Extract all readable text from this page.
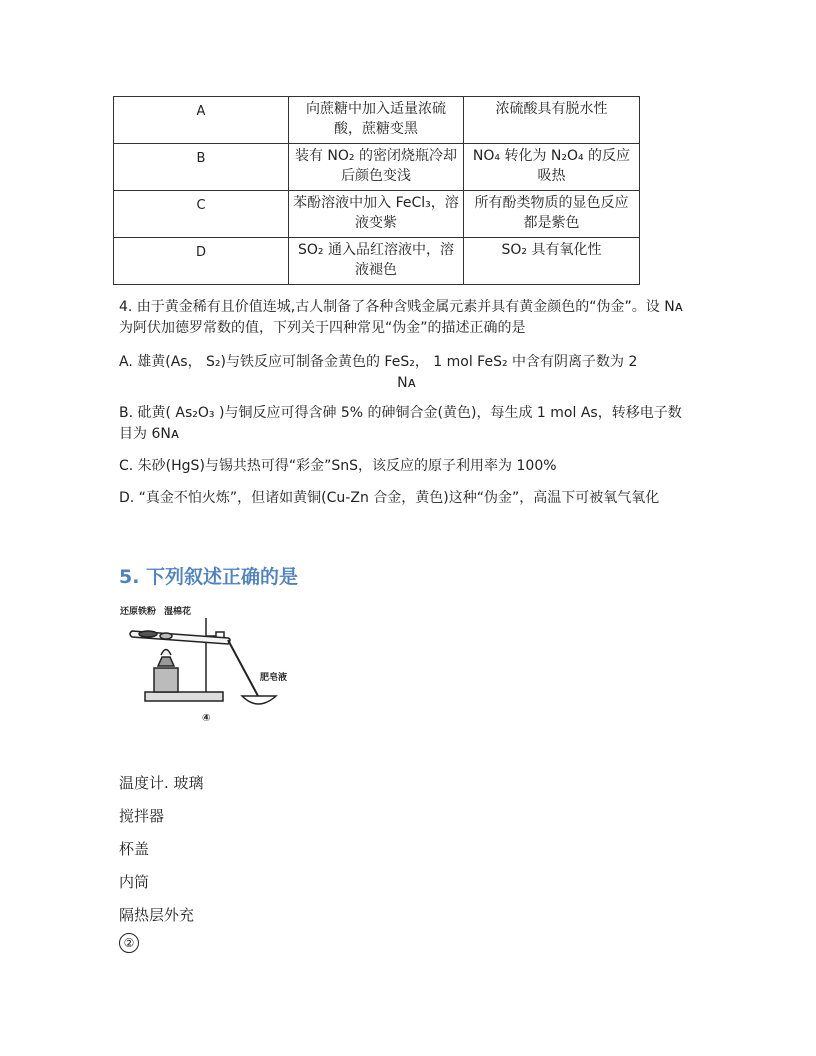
A	向蔗糖中加入适量浓硫酸，蔗糖变黑	浓硫酸具有脱水性
B	装有 NO₂ 的密闭烧瓶冷却后颜色变浅	NO₄ 转化为 N₂O₄ 的反应吸热
C	苯酚溶液中加入 FeCl₃，溶液变紫	所有酚类物质的显色反应都是紫色
D	SO₂ 通入品红溶液中，溶液褪色	SO₂ 具有氧化性
4. 由于黄金稀有且价值连城,古人制备了各种含贱金属元素并具有黄金颜色的“伪金”。设 Nᴀ 为阿伏加德罗常数的值，下列关于四种常见“伪金”的描述正确的是
A. 雄黄(As， S₂)与铁反应可制备金黄色的 FeS₂， 1 mol FeS₂ 中含有阴离子数为 2
Nᴀ
B. 砒黄( As₂O₃ )与铜反应可得含砷 5% 的砷铜合金(黄色)，每生成 1 mol As，转移电子数目为 6Nᴀ
C. 朱砂(HgS)与锡共热可得“彩金”SnS，该反应的原子利用率为 100%
D. “真金不怕火炼”，但诸如黄铜(Cu-Zn 合金，黄色)这种“伪金”，高温下可被氧气氧化
5. 下列叙述正确的是
还原铁粉 湿棉花
肥皂液
④
温度计. 玻璃
搅拌器
杯盖
内筒
隔热层外充
②
